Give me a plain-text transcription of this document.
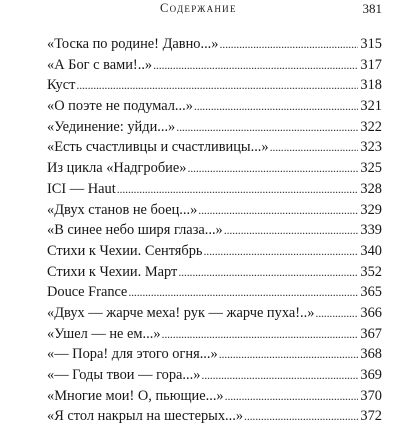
Содержание	381
«Тоска по родине! Давно...» . . .	315
«А Бог с вами!..» . . .	317
Куст . . .	318
«О поэте не подумал...» . . .	321
«Уединение: уйди...» . . .	322
«Есть счастливцы и счастливицы...» . . .	323
Из цикла «Надгробие» . . .	325
ICI — Haut . . .	328
«Двух станов не боец...» . . .	329
«В синее небо ширя глаза...» . . .	339
Стихи к Чехии. Сентябрь . . .	340
Стихи к Чехии. Март . . .	352
Douce France . . .	365
«Двух — жарче меха! рук — жарче пуха!..» . . .	366
«Ушел — не ем...» . . .	367
«— Пора! для этого огня...» . . .	368
«— Годы твои — гора...» . . .	369
«Многие мои! О, пьющие...» . . .	370
«Я стол накрыл на шестерых...» . . .	372
